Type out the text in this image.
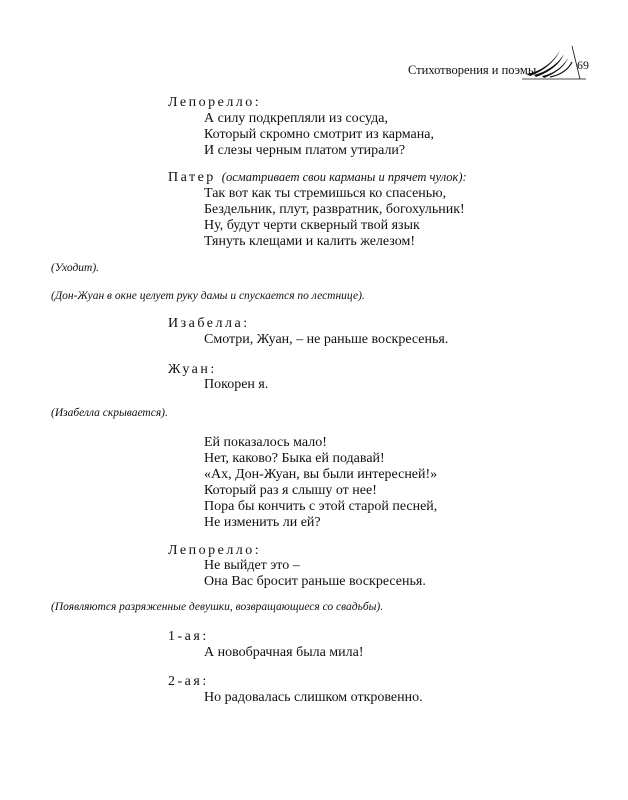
Стихотворения и поэмы	69
Лепорелло:
А силу подкрепляли из сосуда,
Который скромно смотрит из кармана,
И слезы черным платом утирали?
Патер (осматривает свои карманы и прячет чулок):
Так вот как ты стремишься ко спасенью,
Бездельник, плут, развратник, богохульник!
Ну, будут черти скверный твой язык
Тянуть клещами и калить железом!
(Уходит).
(Дон-Жуан в окне целует руку дамы и спускается по лестнице).
Изабелла:
Смотри, Жуан, – не раньше воскресенья.
Жуан:
Покорен я.
(Изабелла скрывается).
Ей показалось мало!
Нет, каково? Быка ей подавай!
«Ах, Дон-Жуан, вы были интересней!»
Который раз я слышу от нее!
Пора бы кончить с этой старой песней,
Не изменить ли ей?
Лепорелло:
Не выйдет это –
Она Вас бросит раньше воскресенья.
(Появляются разряженные девушки, возвращающиеся со свадьбы).
1-ая:
А новобрачная была мила!
2-ая:
Но радовалась слишком откровенно.
